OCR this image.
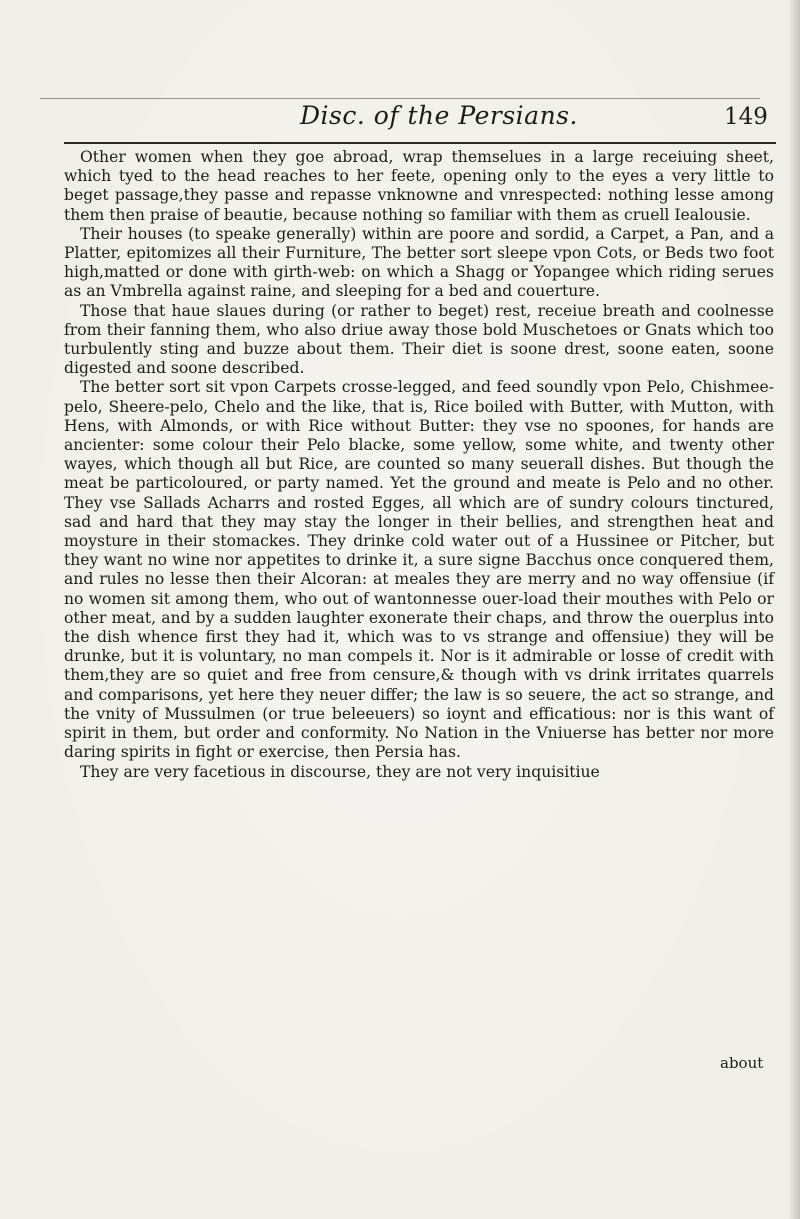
Disc. of the Persians.	149

Other women when they goe abroad, wrap themselues in a large receiuing sheet, which tyed to the head reaches to her feete, opening only to the eyes a very little to beget passage,they passe and repasse vnknowne and vnrespected: nothing lesse among them then praise of beautie, because nothing so familiar with them as cruell Iealousie.

Their houses (to speake generally) within are poore and sordid, a Carpet, a Pan, and a Platter, epitomizes all their Furniture, The better sort sleepe vpon Cots, or Beds two foot high,matted or done with girth-web: on which a Shagg or Yopangee which riding serues as an Vmbrella against raine, and sleeping for a bed and couerture.

Those that haue slaues during (or rather to beget) rest, receiue breath and coolnesse from their fanning them, who also driue away those bold Muschetoes or Gnats which too turbulently sting and buzze about them. Their diet is soone drest, soone eaten, soone digested and soone described.

The better sort sit vpon Carpets crosse-legged, and feed soundly vpon Pelo, Chishmee-pelo, Sheere-pelo, Chelo and the like, that is, Rice boiled with Butter, with Mutton, with Hens, with Almonds, or with Rice without Butter: they vse no spoones, for hands are ancienter: some colour their Pelo blacke, some yellow, some white, and twenty other wayes, which though all but Rice, are counted so many seuerall dishes. But though the meat be particoloured, or party named. Yet the ground and meate is Pelo and no other. They vse Sallads Acharrs and rosted Egges, all which are of sundry colours tinctured, sad and hard that they may stay the longer in their bellies, and strengthen heat and moysture in their stomackes. They drinke cold water out of a Hussinee or Pitcher, but they want no wine nor appetites to drinke it, a sure signe Bacchus once conquered them, and rules no lesse then their Alcoran: at meales they are merry and no way offensiue (if no women sit among them, who out of wantonnesse ouer-load their mouthes with Pelo or other meat, and by a sudden laughter exonerate their chaps, and throw the ouerplus into the dish whence first they had it, which was to vs strange and offensiue) they will be drunke, but it is voluntary, no man compels it. Nor is it admirable or losse of credit with them,they are so quiet and free from censure,& though with vs drink irritates quarrels and comparisons, yet here they neuer differ; the law is so seuere, the act so strange, and the vnity of Mussulmen (or true beleeuers) so ioynt and efficatious: nor is this want of spirit in them, but order and conformity. No Nation in the Vniuerse has better nor more daring spirits in fight or exercise, then Persia has.

They are very facetious in discourse, they are not very inquisitiue

about
